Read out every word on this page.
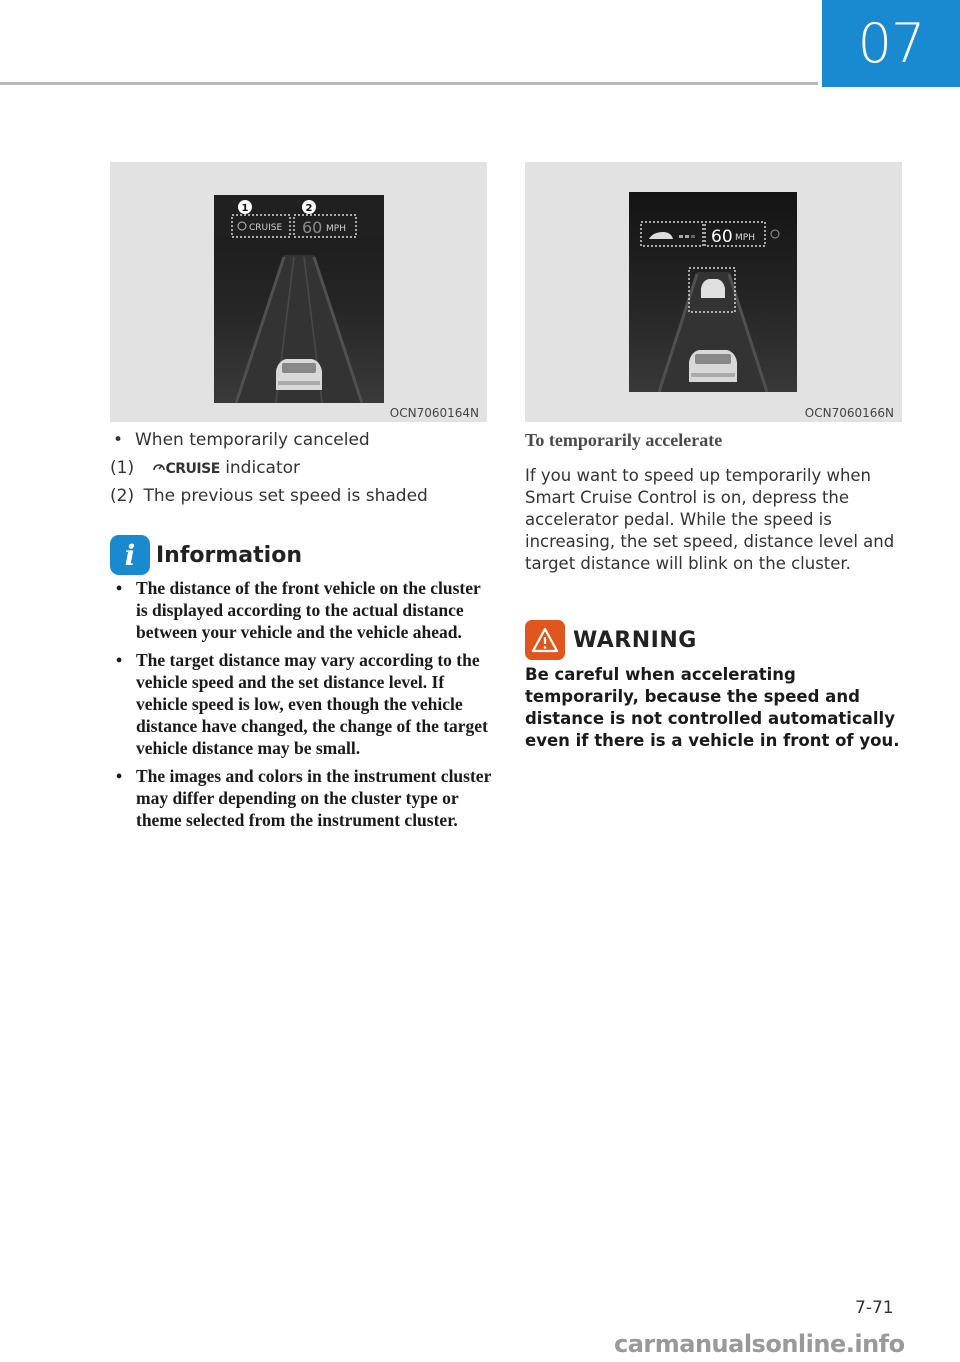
07
1	2
CRUISE 60 MPH
OCN7060164N
60 MPH
OCN7060166N
• When temporarily canceled
(1) CRUISE indicator
(2) The previous set speed is shaded
i Information
• The distance of the front vehicle on the cluster is displayed according to the actual distance between your vehicle and the vehicle ahead.
• The target distance may vary according to the vehicle speed and the set distance level. If vehicle speed is low, even though the vehicle distance have changed, the change of the target vehicle distance may be small.
• The images and colors in the instrument cluster may differ depending on the cluster type or theme selected from the instrument cluster.
To temporarily accelerate
If you want to speed up temporarily when Smart Cruise Control is on, depress the accelerator pedal. While the speed is increasing, the set speed, distance level and target distance will blink on the cluster.
WARNING
Be careful when accelerating temporarily, because the speed and distance is not controlled automatically even if there is a vehicle in front of you.
7-71
carmanualsonline.info
